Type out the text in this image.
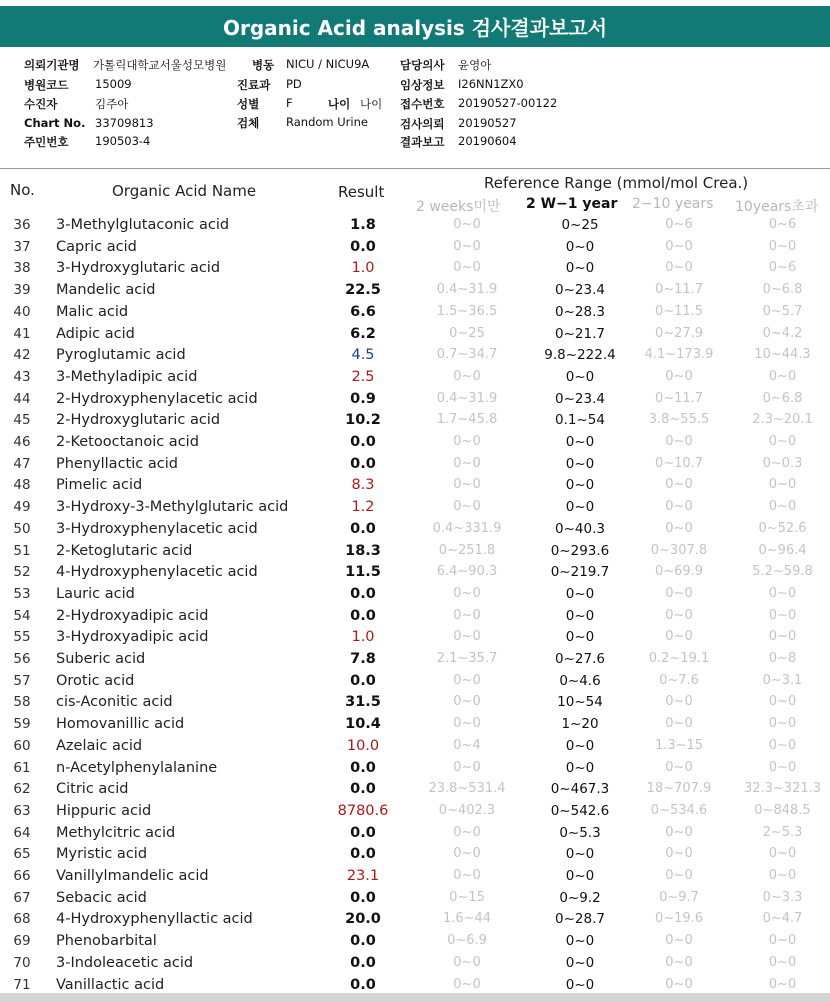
Organic Acid analysis 검사결과보고서
의뢰기관명 가톨릭대학교서울성모병원 병동 NICU / NICU9A	담당의사 윤영아
병원코드 15009	진료과 PD	임상정보 I26NN1ZX0
수진자	김주아	성별 F	나이 나이 접수번호 20190527-00122
Chart No. 33709813	검체 Random Urine	검사의뢰 20190527
주민번호 190503-4	결과보고 20190604
No.	Organic Acid Name	Result	Reference Range (mmol/mol Crea.)
2 weeks미만 2 W−1 year 2−10 years 10years초과
36	3-Methylglutaconic acid	1.8	0~0	0~25	0~6	0~6
37	Capric acid	0.0	0~0	0~0	0~0	0~0
38	3-Hydroxyglutaric acid	1.0	0~0	0~0	0~0	0~6
39	Mandelic acid	22.5	0.4~31.9	0~23.4	0~11.7	0~6.8
40	Malic acid	6.6	1.5~36.5	0~28.3	0~11.5	0~5.7
41	Adipic acid	6.2	0~25	0~21.7	0~27.9	0~4.2
42	Pyroglutamic acid	4.5	0.7~34.7	9.8~222.4	4.1~173.9	10~44.3
43	3-Methyladipic acid	2.5	0~0	0~0	0~0	0~0
44	2-Hydroxyphenylacetic acid	0.9	0.4~31.9	0~23.4	0~11.7	0~6.8
45	2-Hydroxyglutaric acid	10.2	1.7~45.8	0.1~54	3.8~55.5	2.3~20.1
46	2-Ketooctanoic acid	0.0	0~0	0~0	0~0	0~0
47	Phenyllactic acid	0.0	0~0	0~0	0~10.7	0~0.3
48	Pimelic acid	8.3	0~0	0~0	0~0	0~0
49	3-Hydroxy-3-Methylglutaric acid	1.2	0~0	0~0	0~0	0~0
50	3-Hydroxyphenylacetic acid	0.0	0.4~331.9	0~40.3	0~0	0~52.6
51	2-Ketoglutaric acid	18.3	0~251.8	0~293.6	0~307.8	0~96.4
52	4-Hydroxyphenylacetic acid	11.5	6.4~90.3	0~219.7	0~69.9	5.2~59.8
53	Lauric acid	0.0	0~0	0~0	0~0	0~0
54	2-Hydroxyadipic acid	0.0	0~0	0~0	0~0	0~0
55	3-Hydroxyadipic acid	1.0	0~0	0~0	0~0	0~0
56	Suberic acid	7.8	2.1~35.7	0~27.6	0.2~19.1	0~8
57	Orotic acid	0.0	0~0	0~4.6	0~7.6	0~3.1
58	cis-Aconitic acid	31.5	0~0	10~54	0~0	0~0
59	Homovanillic acid	10.4	0~0	1~20	0~0	0~0
60	Azelaic acid	10.0	0~4	0~0	1.3~15	0~0
61	n-Acetylphenylalanine	0.0	0~0	0~0	0~0	0~0
62	Citric acid	0.0	23.8~531.4	0~467.3	18~707.9	32.3~321.3
63	Hippuric acid	8780.6	0~402.3	0~542.6	0~534.6	0~848.5
64	Methylcitric acid	0.0	0~0	0~5.3	0~0	2~5.3
65	Myristic acid	0.0	0~0	0~0	0~0	0~0
66	Vanillylmandelic acid	23.1	0~0	0~0	0~0	0~0
67	Sebacic acid	0.0	0~15	0~9.2	0~9.7	0~3.3
68	4-Hydroxyphenyllactic acid	20.0	1.6~44	0~28.7	0~19.6	0~4.7
69	Phenobarbital	0.0	0~6.9	0~0	0~0	0~0
70	3-Indoleacetic acid	0.0	0~0	0~0	0~0	0~0
71	Vanillactic acid	0.0	0~0	0~0	0~0	0~0
